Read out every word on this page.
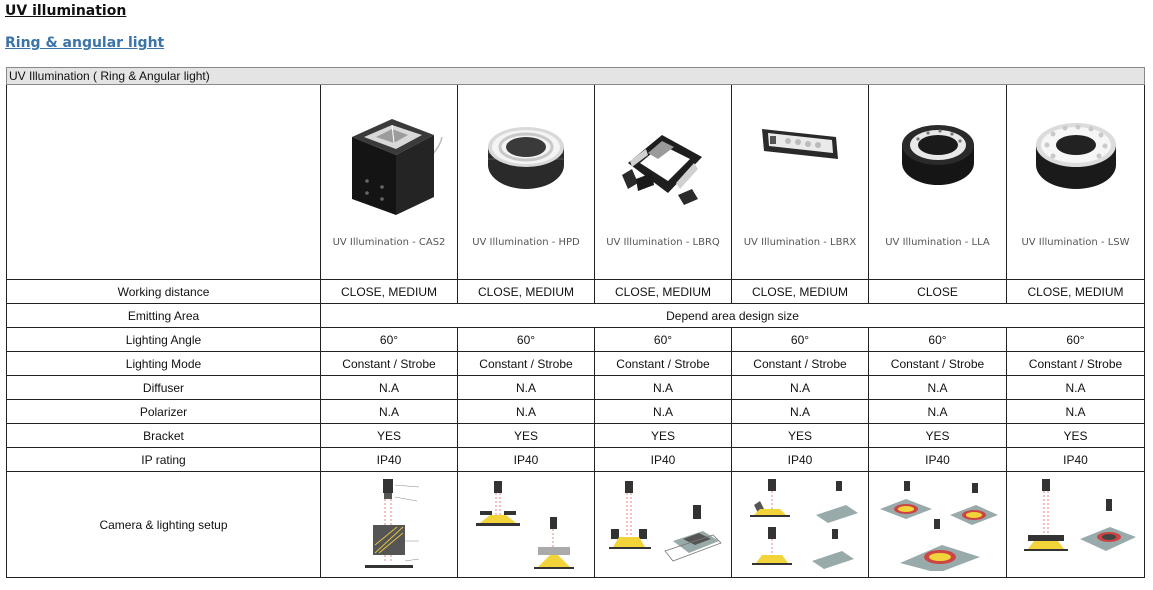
UV illumination
Ring & angular light
UV Illumination ( Ring & Angular light)						

	UV Illumination - CAS2	UV Illumination - HPD	UV Illumination - LBRQ	UV Illumination - LBRX	UV Illumination - LLA	UV Illumination - LSW

Working distance	CLOSE, MEDIUM	CLOSE, MEDIUM	CLOSE, MEDIUM	CLOSE, MEDIUM	CLOSE	CLOSE, MEDIUM
Emitting Area	Depend area design size					
Lighting Angle	60°	60°	60°	60°	60°	60°
Lighting Mode	Constant / Strobe	Constant / Strobe	Constant / Strobe	Constant / Strobe	Constant / Strobe	Constant / Strobe
Diffuser	N.A	N.A	N.A	N.A	N.A	N.A
Polarizer	N.A	N.A	N.A	N.A	N.A	N.A
Bracket	YES	YES	YES	YES	YES	YES
IP rating	IP40	IP40	IP40	IP40	IP40	IP40
Camera & lighting setup						
